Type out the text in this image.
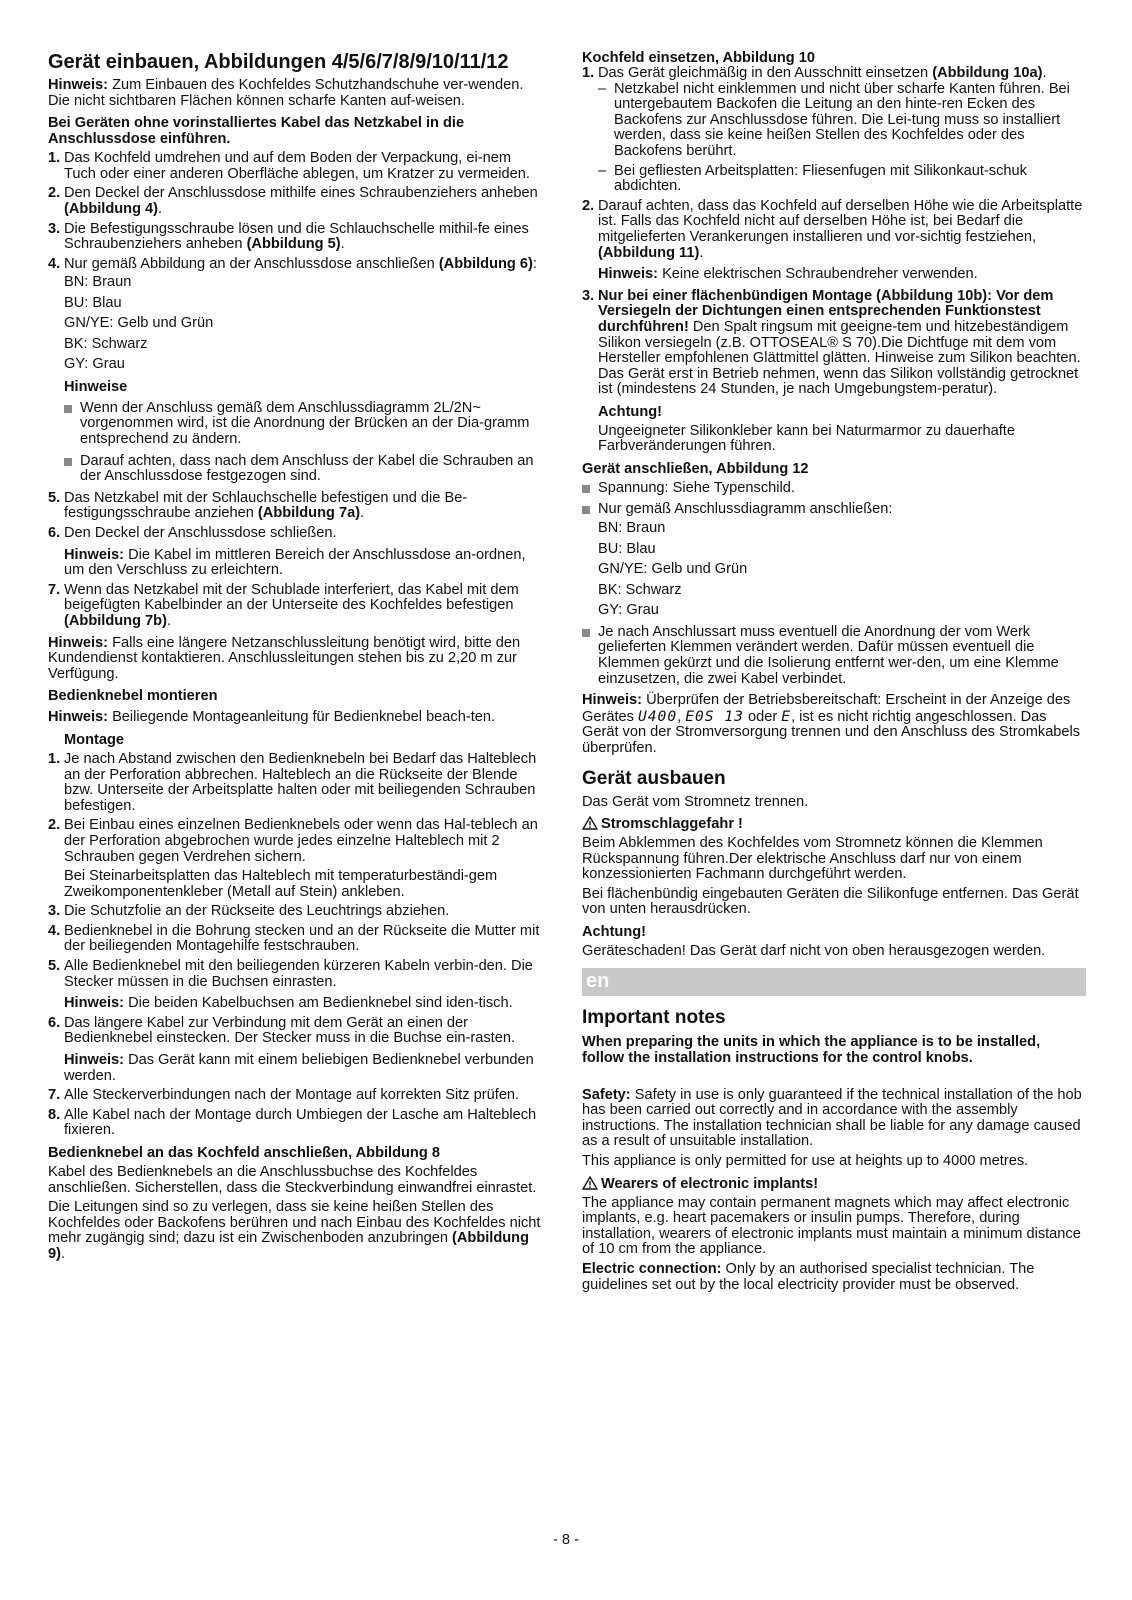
Gerät einbauen, Abbildungen 4/5/6/7/8/9/10/11/12

Hinweis: Zum Einbauen des Kochfeldes Schutzhandschuhe ver-wenden. Die nicht sichtbaren Flächen können scharfe Kanten auf-weisen.

Bei Geräten ohne vorinstalliertes Kabel das Netzkabel in die Anschlussdose einführen.

1. Das Kochfeld umdrehen und auf dem Boden der Verpackung, ei-nem Tuch oder einer anderen Oberfläche ablegen, um Kratzer zu vermeiden.
2. Den Deckel der Anschlussdose mithilfe eines Schraubenziehers anheben (Abbildung 4).
3. Die Befestigungsschraube lösen und die Schlauchschelle mithil-fe eines Schraubenziehers anheben (Abbildung 5).
4. Nur gemäß Abbildung an der Anschlussdose anschließen (Abbildung 6):
BN: Braun
BU: Blau
GN/YE: Gelb und Grün
BK: Schwarz
GY: Grau
Hinweise
Wenn der Anschluss gemäß dem Anschlussdiagramm 2L/2N~ vorgenommen wird, ist die Anordnung der Brücken an der Dia-gramm entsprechend zu ändern.
Darauf achten, dass nach dem Anschluss der Kabel die Schrauben an der Anschlussdose festgezogen sind.
5. Das Netzkabel mit der Schlauchschelle befestigen und die Be-festigungsschraube anziehen (Abbildung 7a).
6. Den Deckel der Anschlussdose schließen.

Hinweis: Die Kabel im mittleren Bereich der Anschlussdose an-ordnen, um den Verschluss zu erleichtern.

7. Wenn das Netzkabel mit der Schublade interferiert, das Kabel mit dem beigefügten Kabelbinder an der Unterseite des Kochfeldes befestigen (Abbildung 7b).

Hinweis: Falls eine längere Netzanschlussleitung benötigt wird, bitte den Kundendienst kontaktieren. Anschlussleitungen stehen bis zu 2,20 m zur Verfügung.

Bedienknebel montieren

Hinweis: Beiliegende Montageanleitung für Bedienknebel beach-ten.

Montage
1. Je nach Abstand zwischen den Bedienknebeln bei Bedarf das Halteblech an der Perforation abbrechen. Halteblech an die Rückseite der Blende bzw. Unterseite der Arbeitsplatte halten oder mit beiliegenden Schrauben befestigen.
2. Bei Einbau eines einzelnen Bedienknebels oder wenn das Hal-teblech an der Perforation abgebrochen wurde jedes einzelne Halteblech mit 2 Schrauben gegen Verdrehen sichern.

Bei Steinarbeitsplatten das Halteblech mit temperaturbeständi-gem Zweikomponentenkleber (Metall auf Stein) ankleben.

3. Die Schutzfolie an der Rückseite des Leuchtrings abziehen.
4. Bedienknebel in die Bohrung stecken und an der Rückseite die Mutter mit der beiliegenden Montagehilfe festschrauben.
5. Alle Bedienknebel mit den beiliegenden kürzeren Kabeln verbin-den. Die Stecker müssen in die Buchsen einrasten.

Hinweis: Die beiden Kabelbuchsen am Bedienknebel sind iden-tisch.

6. Das längere Kabel zur Verbindung mit dem Gerät an einen der Bedienknebel einstecken. Der Stecker muss in die Buchse ein-rasten.

Hinweis: Das Gerät kann mit einem beliebigen Bedienknebel verbunden werden.

7. Alle Steckerverbindungen nach der Montage auf korrekten Sitz prüfen.
8. Alle Kabel nach der Montage durch Umbiegen der Lasche am Halteblech fixieren.
Bedienknebel an das Kochfeld anschließen, Abbildung 8

Kabel des Bedienknebels an die Anschlussbuchse des Kochfeldes anschließen. Sicherstellen, dass die Steckverbindung einwandfrei einrastet.

Die Leitungen sind so zu verlegen, dass sie keine heißen Stellen des Kochfeldes oder Backofens berühren und nach Einbau des Kochfeldes nicht mehr zugängig sind; dazu ist ein Zwischenboden anzubringen (Abbildung 9).

Kochfeld einsetzen, Abbildung 10
1. Das Gerät gleichmäßig in den Ausschnitt einsetzen (Abbildung 10a).
– Netzkabel nicht einklemmen und nicht über scharfe Kanten führen. Bei untergebautem Backofen die Leitung an den hinte-ren Ecken des Backofens zur Anschlussdose führen. Die Lei-tung muss so installiert werden, dass sie keine heißen Stellen des Kochfeldes oder des Backofens berührt.
– Bei gefliesten Arbeitsplatten: Fliesenfugen mit Silikonkaut-schuk abdichten.
2. Darauf achten, dass das Kochfeld auf derselben Höhe wie die Arbeitsplatte ist. Falls das Kochfeld nicht auf derselben Höhe ist, bei Bedarf die mitgelieferten Verankerungen installieren und vor-sichtig festziehen, (Abbildung 11).

Hinweis: Keine elektrischen Schraubendreher verwenden.

3. Nur bei einer flächenbündigen Montage (Abbildung 10b): Vor dem Versiegeln der Dichtungen einen entsprechenden Funktionstest durchführen! Den Spalt ringsum mit geeigne-tem und hitzebeständigem Silikon versiegeln (z.B. OTTOSEAL® S 70).Die Dichtfuge mit dem vom Hersteller empfohlenen Glättmittel glätten. Hinweise zum Silikon beachten. Das Gerät erst in Betrieb nehmen, wenn das Silikon vollständig getrocknet ist (mindestens 24 Stunden, je nach Umgebungstem-peratur).
Achtung!

Ungeeigneter Silikonkleber kann bei Naturmarmor zu dauerhafte Farbveränderungen führen.

Gerät anschließen, Abbildung 12
Spannung: Siehe Typenschild.
Nur gemäß Anschlussdiagramm anschließen:
BN: Braun
BU: Blau
GN/YE: Gelb und Grün
BK: Schwarz
GY: Grau
Je nach Anschlussart muss eventuell die Anordnung der vom Werk gelieferten Klemmen verändert werden. Dafür müssen eventuell die Klemmen gekürzt und die Isolierung entfernt wer-den, um eine Klemme einzusetzen, die zwei Kabel verbindet.

Hinweis: Überprüfen der Betriebsbereitschaft: Erscheint in der Anzeige des Gerätes U400, E0S 13 oder E, ist es nicht richtig angeschlossen. Das Gerät von der Stromversorgung trennen und den Anschluss des Stromkabels überprüfen.

Gerät ausbauen

Das Gerät vom Stromnetz trennen.

Stromschlaggefahr !

Beim Abklemmen des Kochfeldes vom Stromnetz können die Klemmen Rückspannung führen.Der elektrische Anschluss darf nur von einem konzessionierten Fachmann durchgeführt werden.

Bei flächenbündig eingebauten Geräten die Silikonfuge entfernen. Das Gerät von unten herausdrücken.

Achtung!

Geräteschaden! Das Gerät darf nicht von oben herausgezogen werden.

en
Important notes

When preparing the units in which the appliance is to be installed, follow the installation instructions for the control knobs.

Safety: Safety in use is only guaranteed if the technical installation of the hob has been carried out correctly and in accordance with the assembly instructions. The installation technician shall be liable for any damage caused as a result of unsuitable installation.

This appliance is only permitted for use at heights up to 4000 metres.

Wearers of electronic implants!

The appliance may contain permanent magnets which may affect electronic implants, e.g. heart pacemakers or insulin pumps. Therefore, during installation, wearers of electronic implants must maintain a minimum distance of 10 cm from the appliance.

Electric connection: Only by an authorised specialist technician. The guidelines set out by the local electricity provider must be observed.

- 8 -
